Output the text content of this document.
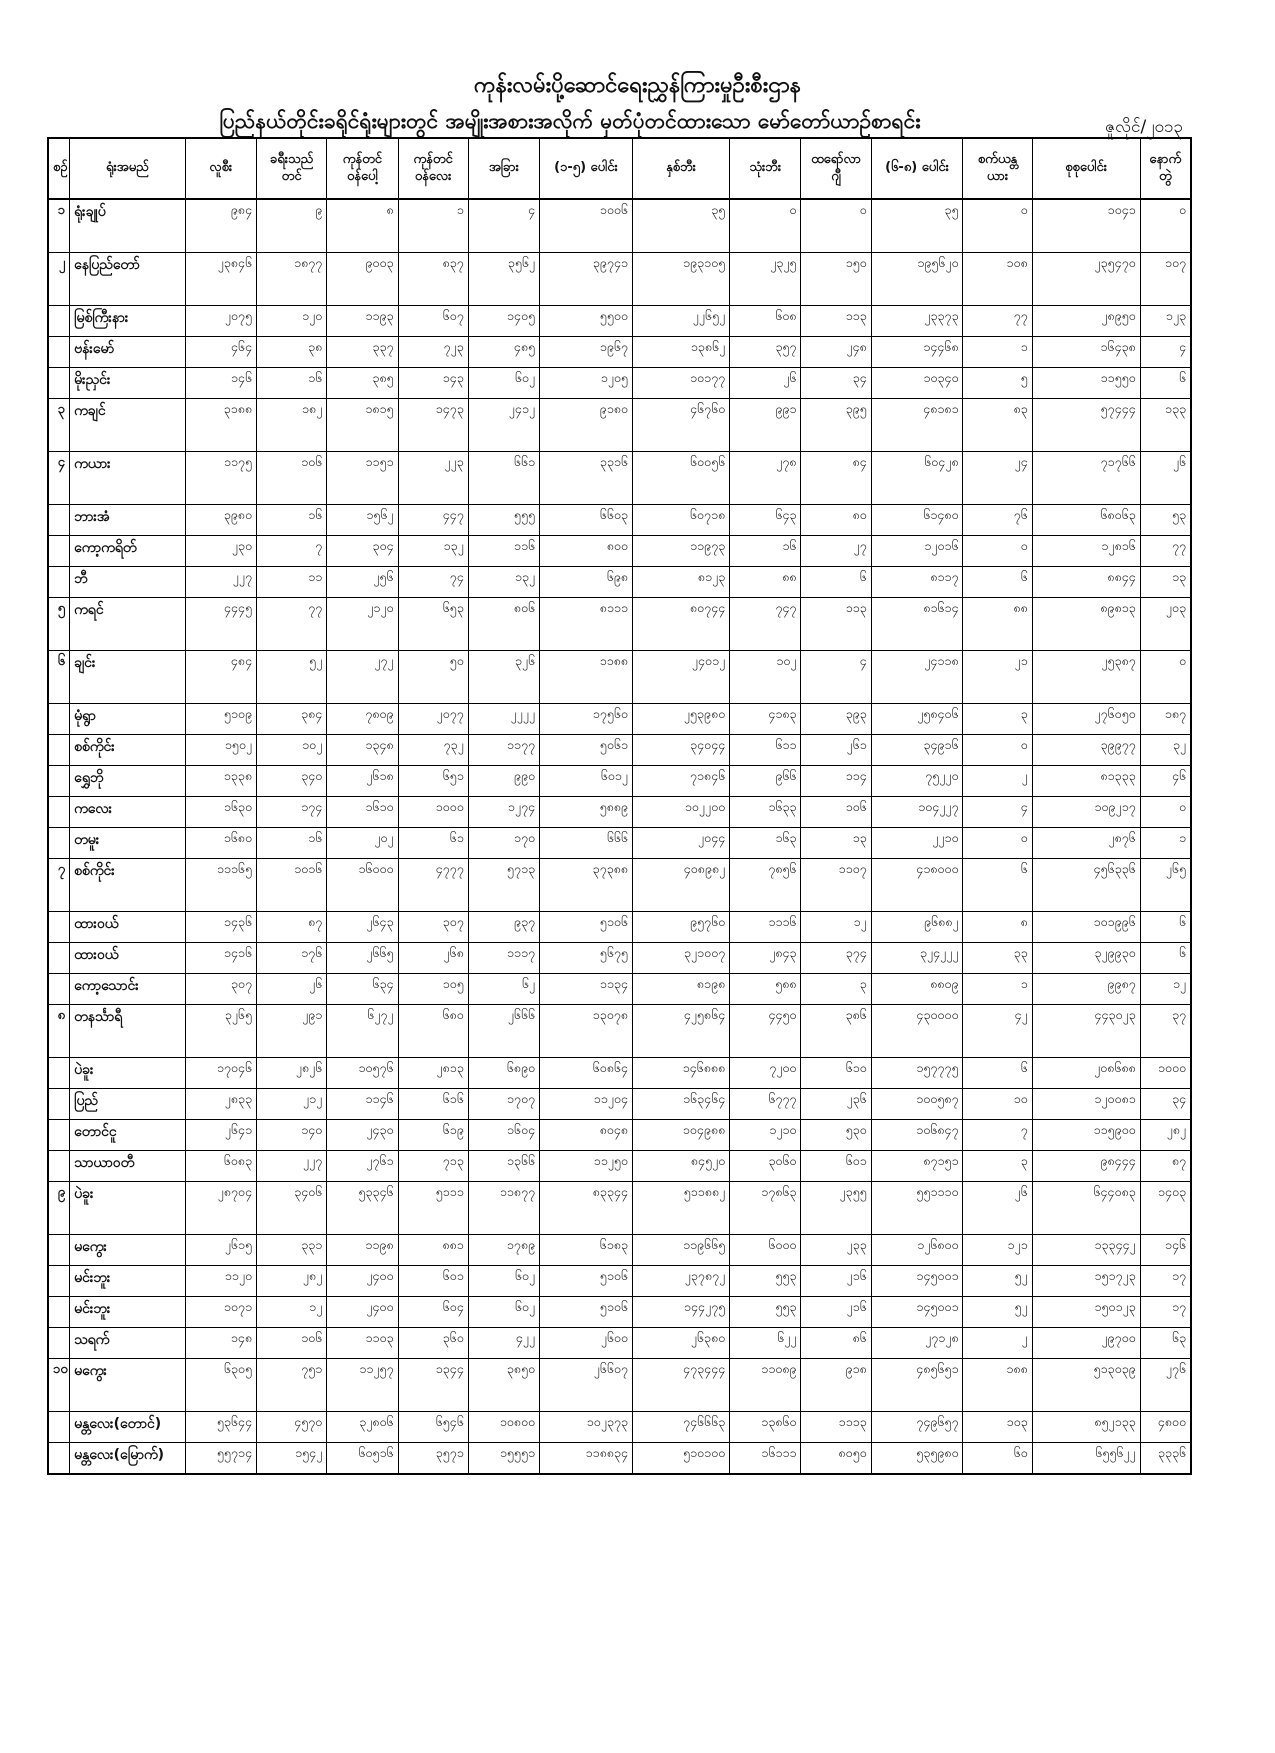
ကုန်းလမ်းပို့ဆောင်ရေးညွှန်ကြားမှုဦးစီးဌာန
ပြည်နယ်တိုင်းခရိုင်ရုံးများတွင် အမျိုးအစားအလိုက် မှတ်ပုံတင်ထားသော မော်တော်ယာဉ်စာရင်း	ဇူလိုင်/၂၀၁၃
စဉ်	ရုံးအမည်	လူစီး	ခရီးသည်တင်	ကုန်တင် ဝန်ပေါ့	ကုန်တင် ဝန်လေး	အခြား	(၁-၅) ပေါင်း	နှစ်ဘီး	သုံးဘီး	ထရော်လာ ဂျီ	(၆-၈) ပေါင်း	စက်ယန္တယား	စုစုပေါင်း	နောက်တွဲ
၁	ရုံးချုပ်	၉၈၄	၉	၈	၁	၄	၁၀၀၆	၃၅	၀	၀	၃၅	၀	၁၀၄၁	၀
၂	နေပြည်တော်	၂၃၈၄၆	၁၈၇၇	၉၀၀၃	၈၃၇	၃၅၆၂	၃၉၇၄၁	၁၉၃၁၀၅	၂၃၂၅	၁၅၀	၁၉၅၆၂၀	၁၀၈	၂၃၅၄၇၀	၁၀၇
	မြစ်ကြီးနား	၂၀၇၅	၁၂၀	၁၁၉၃	၆၀၇	၁၄၀၅	၅၅၀၀	၂၂၆၅၂	၆၀၈	၁၁၃	၂၃၃၇၃	၇၇	၂၈၉၅၀	၁၂၃
	ဗန်းမော်	၄၆၄	၃၈	၃၃၇	၇၂၃	၄၈၅	၁၉၆၇	၁၃၈၆၂	၃၅၇	၂၄၈	၁၄၄၆၈	၁	၁၆၄၃၈	၄
	မိုးညှင်း	၁၄၆	၁၆	၃၈၅	၁၄၃	၆၀၂	၁၂၀၅	၁၀၁၇၇	၂၆	၃၄	၁၀၃၄၀	၅	၁၁၅၅၀	၆
၃	ကချင်	၃၁၈၈	၁၈၂	၁၈၁၅	၁၄၇၃	၂၄၁၂	၉၁၈၀	၄၆၇၆၀	၉၉၁	၃၉၅	၄၈၁၈၁	၈၃	၅၇၄၄၄	၁၃၃
၄	ကယား	၁၁၇၅	၁၀၆	၁၁၅၁	၂၂၃	၆၆၁	၃၃၁၆	၆၀၀၅၆	၂၇၈	၈၄	၆၀၄၂၈	၂၄	၇၁၇၆၆	၂၆
	ဘားအံ	၃၉၈၀	၁၆	၁၅၆၂	၄၄၇	၅၅၅	၆၆၀၃	၆၀၇၁၈	၆၄၃	၈၀	၆၁၄၈၀	၇၆	၆၈၀၆၃	၅၃
	ကော့ကရိတ်	၂၃၀	၇	၃၀၄	၁၃၂	၁၁၆	၈၀၀	၁၁၉၇၃	၁၆	၂၇	၁၂၀၁၆	၀	၁၂၈၁၆	၇၇
	ဘီ	၂၂၇	၁၁	၂၅၆	၇၄	၁၃၂	၆၉၈	၈၁၂၃	၈၈	၆	၈၁၁၇	၆	၈၈၄၄	၁၃
၅	ကရင်	၄၄၄၅	၇၇	၂၁၂၀	၆၅၃	၈၀၆	၈၁၁၁	၈၀၇၄၄	၇၄၇	၁၁၃	၈၁၆၁၄	၈၈	၈၉၈၁၃	၂၀၃
၆	ချင်း	၄၈၄	၅၂	၂၇၂	၅၀	၃၂၆	၁၁၈၈	၂၄၀၁၂	၁၀၂	၄	၂၄၁၁၈	၂၁	၂၅၃၈၇	၀
	မုံရွာ	၅၁၀၉	၃၈၄	၇၈၀၉	၂၀၇၇	၂၂၂၂	၁၇၅၆၀	၂၅၃၉၈၀	၄၁၈၃	၃၉၃	၂၅၈၄၀၆	၃	၂၇၆၀၅၀	၁၈၇
	စစ်ကိုင်း	၁၅၀၂	၁၀၂	၁၃၄၈	၇၃၂	၁၁၇၇	၅၀၆၁	၃၄၀၄၄	၆၁၁	၂၆၁	၃၄၉၁၆	၀	၃၉၉၇၇	၃၂
	ရွှေဘို	၁၃၃၈	၃၄၀	၂၆၁၈	၆၅၁	၉၉၀	၆၀၁၂	၇၁၈၄၆	၉၆၆	၁၁၄	၇၅၂၂၀	၂	၈၁၃၃၃	၄၆
	ကလေး	၁၆၃၀	၁၇၄	၁၆၁၀	၁၀၀၀	၁၂၇၄	၅၈၈၉	၁၀၂၂၀၀	၁၆၃၃	၁၀၆	၁၀၄၂၂၇	၄	၁၀၉၂၁၇	၀
	တမူး	၁၆၈၀	၁၆	၂၀၂	၆၁	၁၇၀	၆၆၆	၂၀၄၄	၁၆၃	၁၃	၂၂၁၀	၀	၂၈၇၆	၁
၇	စစ်ကိုင်း	၁၁၁၆၅	၁၀၁၆	၁၆၀၀၀	၄၇၇၇	၅၇၁၃	၃၇၃၈၈	၄၀၈၉၈၂	၇၈၅၆	၁၁၀၇	၄၁၈၀၀၀	၆	၄၅၆၃၃၆	၂၆၅
	ထားဝယ်	၁၄၃၆	၈၇	၂၆၄၃	၃၀၇	၉၃၇	၅၁၀၆	၉၅၇၆၀	၁၁၁၆	၁၂	၉၆၈၈၂	၈	၁၀၁၉၉၆	၆
	ထားဝယ်	၁၄၁၆	၁၇၆	၂၆၆၅	၂၆၈	၁၁၁၇	၅၆၇၅	၃၂၁၀၀၇	၂၈၄၃	၃၇၄	၃၂၄၂၂၂	၃၃	၃၂၉၉၃၀	၆
	ကော့သောင်း	၃၀၇	၂၆	၆၃၄	၁၀၅	၆၂	၁၁၃၄	၈၁၉၈	၅၈၈	၃	၈၈၀၉	၁	၉၉၈၇	၁၂
၈	တနင်္သာရီ	၃၂၆၅	၂၉၁	၆၂၇၂	၆၈၀	၂၆၆၆	၁၃၀၇၈	၄၂၅၈၆၄	၄၄၅၀	၃၈၆	၄၃၀၀၀၀	၄၂	၄၄၃၀၂၃	၃၇
	ပဲခူး	၁၇၀၄၆	၂၈၂၆	၁၀၅၇၆	၂၈၁၃	၆၈၉၀	၆၀၈၆၄	၁၄၆၈၈၈	၇၂၀၀	၆၁၀	၁၅၇၇၇၅	၆	၂၀၈၆၈၈	၁၀၀၀
	ပြည်	၂၈၃၃	၂၁၂	၁၁၄၆	၆၁၆	၁၇၀၇	၁၁၂၀၄	၁၆၃၄၆၄	၆၇၇၇	၂၃၆	၁၀၀၅၈၇	၁၀	၁၂၀၀၈၁	၃၄
	တောင်ငူ	၂၆၄၁	၁၄၀	၂၄၃၀	၆၁၉	၁၆၀၄	၈၀၄၈	၁၀၄၉၈၈	၁၂၁၀	၅၃၀	၁၀၆၈၄၇	၇	၁၁၅၉၀၀	၂၈၂
	သာယာဝတီ	၆၀၈၃	၂၂၇	၂၇၆၁	၇၁၃	၁၃၆၆	၁၁၂၅၀	၈၄၅၂၀	၃၀၆၀	၆၀၁	၈၇၁၅၁	၃	၉၈၄၄၄	၈၇
၉	ပဲခူး	၂၈၇၀၄	၃၄၀၆	၅၃၃၄၆	၅၁၁၁	၁၁၈၇၇	၈၃၃၄၄	၅၁၁၈၈၂	၁၇၈၆၃	၂၃၅၅	၅၅၁၁၁၀	၂၆	၆၄၄၀၈၃	၁၄၀၃
	မကွေး	၂၆၁၅	၃၃၁	၁၁၉၈	၈၈၁	၁၇၈၉	၆၁၈၃	၁၁၉၆၆၅	၆၀၀၀	၂၃၃	၁၂၆၈၀၀	၁၂၁	၁၃၃၄၄၂	၁၄၆
	မင်းဘူး	၁၁၂၀	၂၈၂	၂၄၀၀	၆၀၁	၆၀၂	၅၁၀၆	၂၃၇၈၇၂	၅၅၃	၂၁၆	၁၄၅၀၀၁	၅၂	၁၅၁၇၂၃	၁၇
	မင်းဘူး	၁၀၇၁	၁၂	၂၄၀၀	၆၀၄	၆၀၂	၅၁၀၆	၁၄၄၂၇၅	၅၅၃	၂၁၆	၁၄၅၀၀၁	၅၂	၁၅၀၁၂၃	၁၇
	သရက်	၁၄၈	၁၀၆	၁၁၀၃	၃၆၀	၄၂၂	၂၆၀၀	၂၆၃၈၀	၆၂၂	၈၆	၂၇၁၂၈	၂	၂၉၇၀၀	၆၃
၁၀	မကွေး	၆၃၀၅	၇၅၁	၁၁၂၅၇	၁၃၄၄	၃၈၅၀	၂၆၆၀၇	၄၇၃၄၄၄	၁၁၀၈၉	၉၁၈	၄၈၅၆၅၁	၁၈၈	၅၁၃၀၃၉	၂၇၆
	မန္တလေး(တောင်)	၅၃၆၄၄	၄၅၇၀	၃၂၈၀၆	၆၅၄၆	၁၀၈၀၀	၁၀၂၃၇၃	၇၄၆၆၆၃	၁၃၈၆၀	၁၁၁၃	၇၄၉၆၅၇	၁၀၃	၈၅၂၁၃၃	၄၈၀၀
	မန္တလေး(မြောက်)	၅၅၇၁၄	၁၅၄၂	၆၀၅၁၆	၃၅၇၁	၁၅၅၅၁	၁၁၈၈၃၄	၅၁၀၁၀၀	၁၆၁၁၁	၈၀၅၀	၅၃၅၉၈၀	၆၀	၆၅၅၆၂၂	၃၃၃၆
